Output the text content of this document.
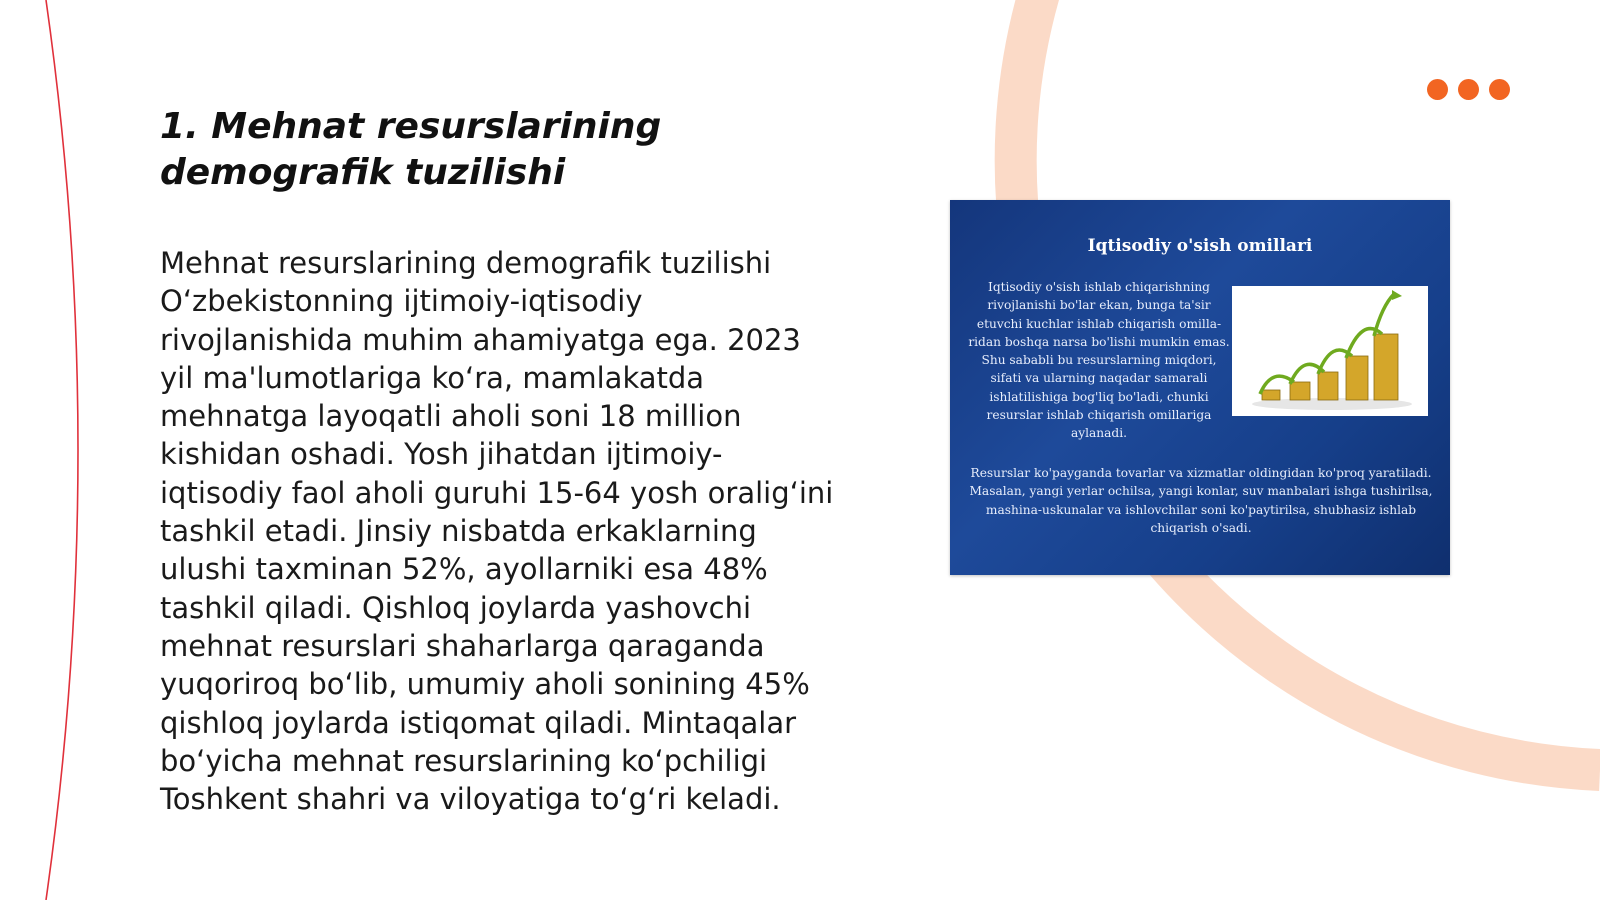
1. Mehnat resurslarining demografik tuzilishi

Mehnat resurslarining demografik tuzilishi O‘zbekistonning ijtimoiy-iqtisodiy rivojlanishida muhim ahamiyatga ega. 2023 yil ma'lumotlariga ko‘ra, mamlakatda mehnatga layoqatli aholi soni 18 million kishidan oshadi. Yosh jihatdan ijtimoiy-iqtisodiy faol aholi guruhi 15-64 yosh oralig‘ini tashkil etadi. Jinsiy nisbatda erkaklarning ulushi taxminan 52%, ayollarniki esa 48% tashkil qiladi. Qishloq joylarda yashovchi mehnat resurslari shaharlarga qaraganda yuqoriroq bo‘lib, umumiy aholi sonining 45% qishloq joylarda istiqomat qiladi. Mintaqalar bo‘yicha mehnat resurslarining ko‘pchiligi Toshkent shahri va viloyatiga to‘g‘ri keladi.

Iqtisodiy o'sish omillari
Iqtisodiy o'sish ishlab chiqarishning rivojlanishi bo'lar ekan, bunga ta'sir etuvchi kuchlar ishlab chiqarish omilla-ridan boshqa narsa bo'lishi mumkin emas. Shu sababli bu resurslarning miqdori, sifati va ularning naqadar samarali ishlatilishiga bog'liq bo'ladi, chunki resurslar ishlab chiqarish omillariga aylanadi.
Resurslar ko'paygandа tovarlar va xizmatlar oldingidan ko'proq yaratiladi. Masalan, yangi yerlar ochilsa, yangi konlar, suv manbalari ishga tushirilsa, mashina-uskunalar va ishlovchilar soni ko'paytirilsa, shubhasiz ishlab chiqarish o'sadi.
